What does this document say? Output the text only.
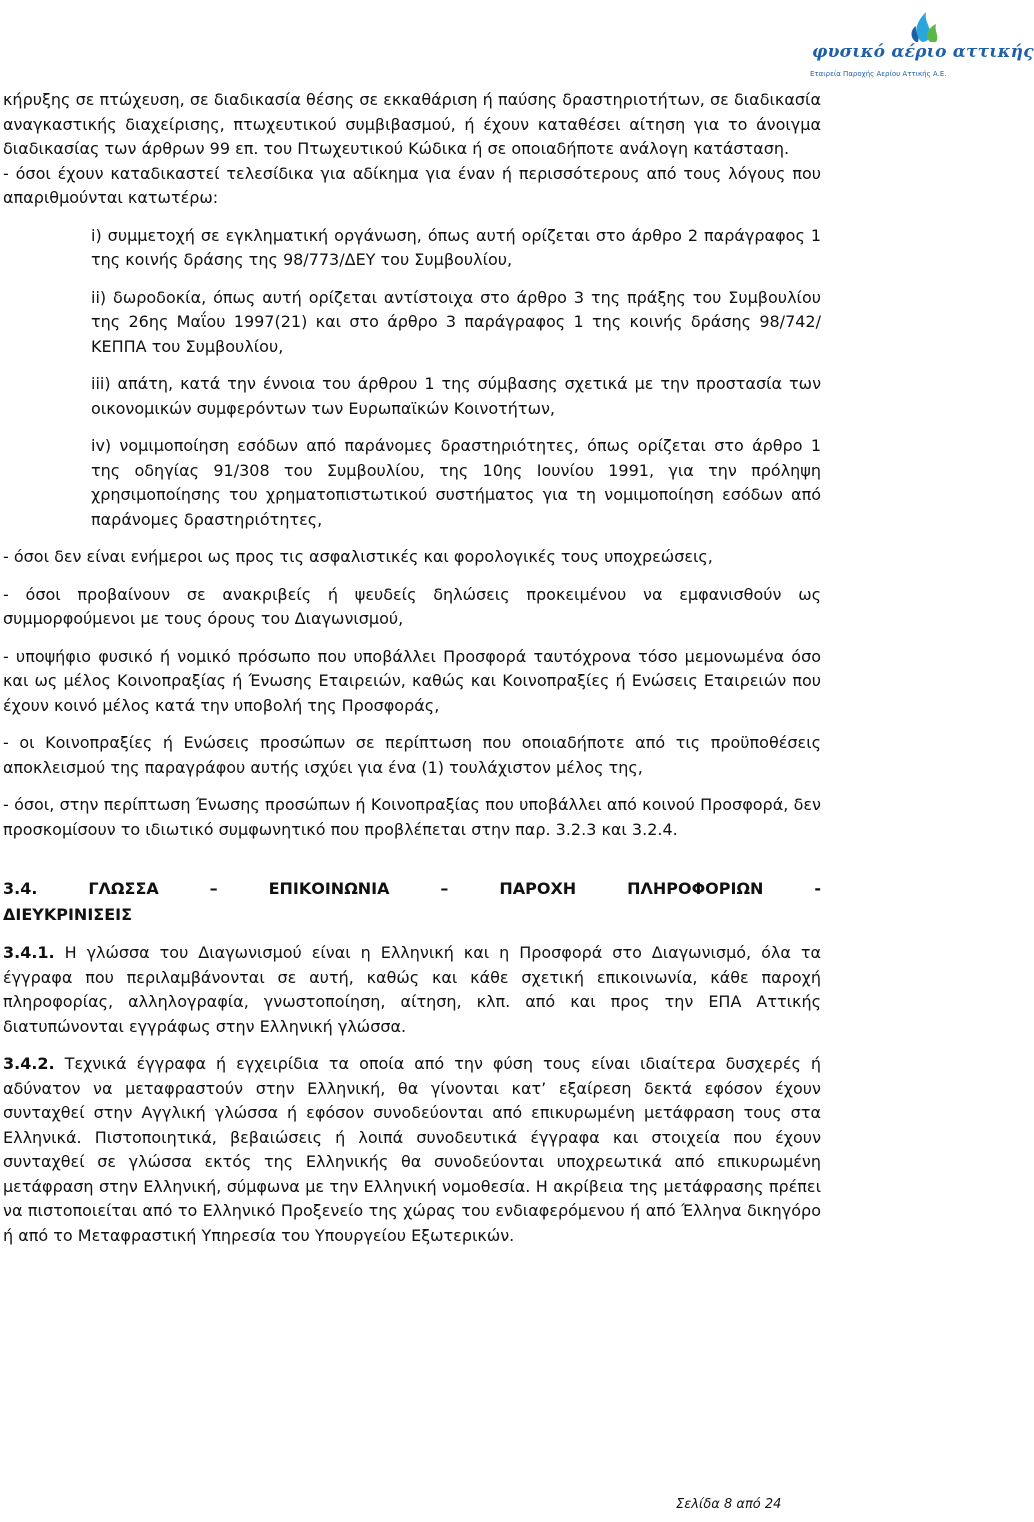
φυσικό αέριο αττικής
Εταιρεία Παροχής Αερίου Αττικής Α.Ε.

κήρυξης σε πτώχευση, σε διαδικασία θέσης σε εκκαθάριση ή παύσης δραστηριοτήτων, σε διαδικασία αναγκαστικής διαχείρισης, πτωχευτικού συμβιβασμού, ή έχουν καταθέσει αίτηση για το άνοιγμα διαδικασίας των άρθρων 99 επ. του Πτωχευτικού Κώδικα ή σε οποιαδήποτε ανάλογη κατάσταση.

- όσοι έχουν καταδικαστεί τελεσίδικα για αδίκημα για έναν ή περισσότερους από τους λόγους που απαριθμούνται κατωτέρω:

i) συμμετοχή σε εγκληματική οργάνωση, όπως αυτή ορίζεται στο άρθρο 2 παράγραφος 1 της κοινής δράσης της 98/773/ΔΕΥ του Συμβουλίου,

ii) δωροδοκία, όπως αυτή ορίζεται αντίστοιχα στο άρθρο 3 της πράξης του Συμβουλίου της 26ης Μαΐου 1997(21) και στο άρθρο 3 παράγραφος 1 της κοινής δράσης 98/742/ΚΕΠΠΑ του Συμβουλίου,

iii) απάτη, κατά την έννοια του άρθρου 1 της σύμβασης σχετικά με την προστασία των οικονομικών συμφερόντων των Ευρωπαϊκών Κοινοτήτων,

iv) νομιμοποίηση εσόδων από παράνομες δραστηριότητες, όπως ορίζεται στο άρθρο 1 της οδηγίας 91/308 του Συμβουλίου, της 10ης Ιουνίου 1991, για την πρόληψη χρησιμοποίησης του χρηματοπιστωτικού συστήματος για τη νομιμοποίηση εσόδων από παράνομες δραστηριότητες,

- όσοι δεν είναι ενήμεροι ως προς τις ασφαλιστικές και φορολογικές τους υποχρεώσεις,

- όσοι προβαίνουν σε ανακριβείς ή ψευδείς δηλώσεις προκειμένου να εμφανισθούν ως συμμορφούμενοι με τους όρους του Διαγωνισμού,

- υποψήφιο φυσικό ή νομικό πρόσωπο που υποβάλλει Προσφορά ταυτόχρονα τόσο μεμονωμένα όσο και ως μέλος Κοινοπραξίας ή Ένωσης Εταιρειών, καθώς και Κοινοπραξίες ή Ενώσεις Εταιρειών που έχουν κοινό μέλος κατά την υποβολή της Προσφοράς,

- οι Κοινοπραξίες ή Ενώσεις προσώπων σε περίπτωση που οποιαδήποτε από τις προϋποθέσεις αποκλεισμού της παραγράφου αυτής ισχύει για ένα (1) τουλάχιστον μέλος της,

- όσοι, στην περίπτωση Ένωσης προσώπων ή Κοινοπραξίας που υποβάλλει από κοινού Προσφορά, δεν προσκομίσουν το ιδιωτικό συμφωνητικό που προβλέπεται στην παρ. 3.2.3 και 3.2.4.

3.4. ΓΛΩΣΣΑ – ΕΠΙΚΟΙΝΩΝΙΑ – ΠΑΡΟΧΗ ΠΛΗΡΟΦΟΡΙΩΝ -
ΔΙΕΥΚΡΙΝΙΣΕΙΣ

3.4.1. Η γλώσσα του Διαγωνισμού είναι η Ελληνική και η Προσφορά στο Διαγωνισμό, όλα τα έγγραφα που περιλαμβάνονται σε αυτή, καθώς και κάθε σχετική επικοινωνία, κάθε παροχή πληροφορίας, αλληλογραφία, γνωστοποίηση, αίτηση, κλπ. από και προς την ΕΠΑ Αττικής διατυπώνονται εγγράφως στην Ελληνική γλώσσα.

3.4.2. Τεχνικά έγγραφα ή εγχειρίδια τα οποία από την φύση τους είναι ιδιαίτερα δυσχερές ή αδύνατον να μεταφραστούν στην Ελληνική, θα γίνονται κατ’ εξαίρεση δεκτά εφόσον έχουν συνταχθεί στην Αγγλική γλώσσα ή εφόσον συνοδεύονται από επικυρωμένη μετάφραση τους στα Ελληνικά. Πιστοποιητικά, βεβαιώσεις ή λοιπά συνοδευτικά έγγραφα και στοιχεία που έχουν συνταχθεί σε γλώσσα εκτός της Ελληνικής θα συνοδεύονται υποχρεωτικά από επικυρωμένη μετάφραση στην Ελληνική, σύμφωνα με την Ελληνική νομοθεσία. Η ακρίβεια της μετάφρασης πρέπει να πιστοποιείται από το Ελληνικό Προξενείο της χώρας του ενδιαφερόμενου ή από Έλληνα δικηγόρο ή από το Μεταφραστική Υπηρεσία του Υπουργείου Εξωτερικών.

Σελίδα 8 από 24
